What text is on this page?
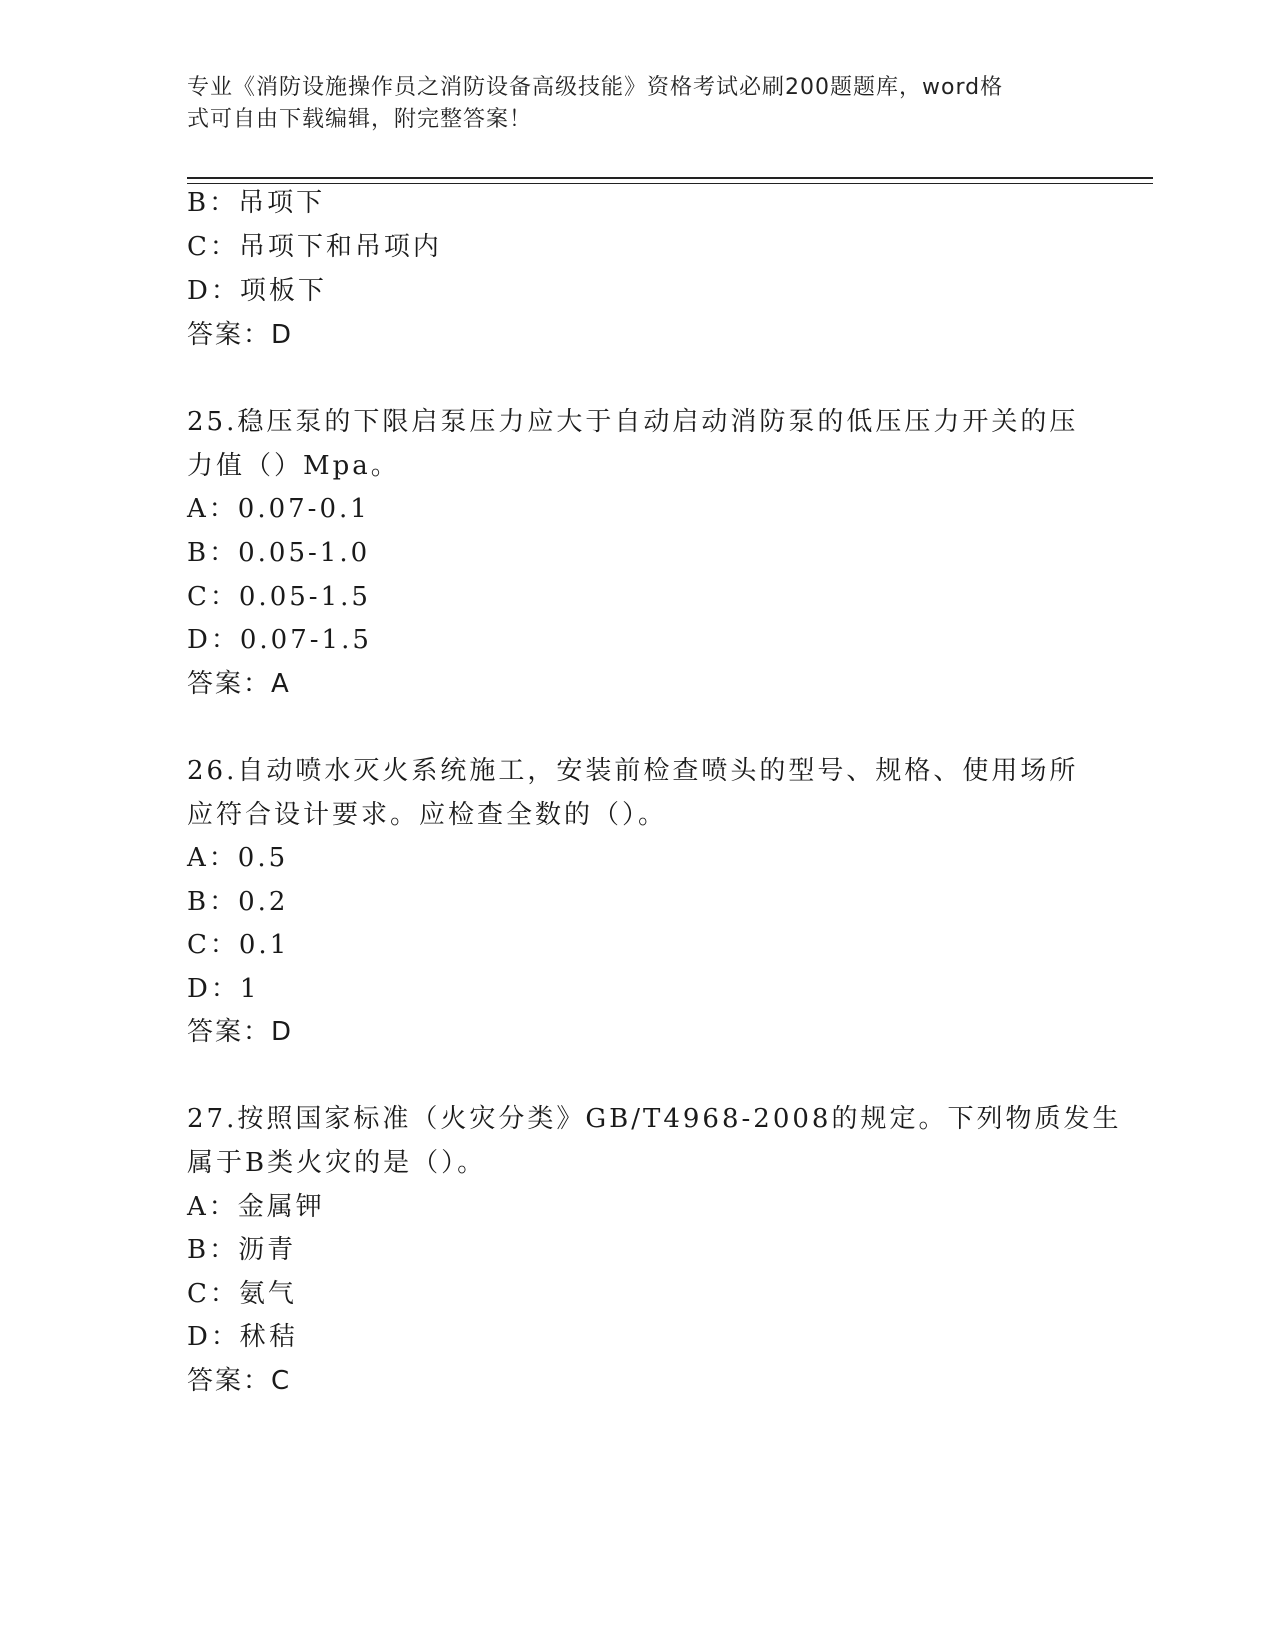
专业《消防设施操作员之消防设备高级技能》资格考试必刷200题题库，word格
式可自由下载编辑，附完整答案！
B：吊项下
C：吊项下和吊项内
D：项板下
答案：D
25.稳压泵的下限启泵压力应大于自动启动消防泵的低压压力开关的压
力值（）Mpa。
A：0.07-0.1
B：0.05-1.0
C：0.05-1.5
D：0.07-1.5
答案：A
26.自动喷水灭火系统施工，安装前检查喷头的型号、规格、使用场所
应符合设计要求。应检查全数的（）。
A：0.5
B：0.2
C：0.1
D：1
答案：D
27.按照国家标准（火灾分类》GB/T4968-2008的规定。下列物质发生
属于B类火灾的是（）。
A：金属钾
B：沥青
C：氨气
D：秫秸
答案：C
